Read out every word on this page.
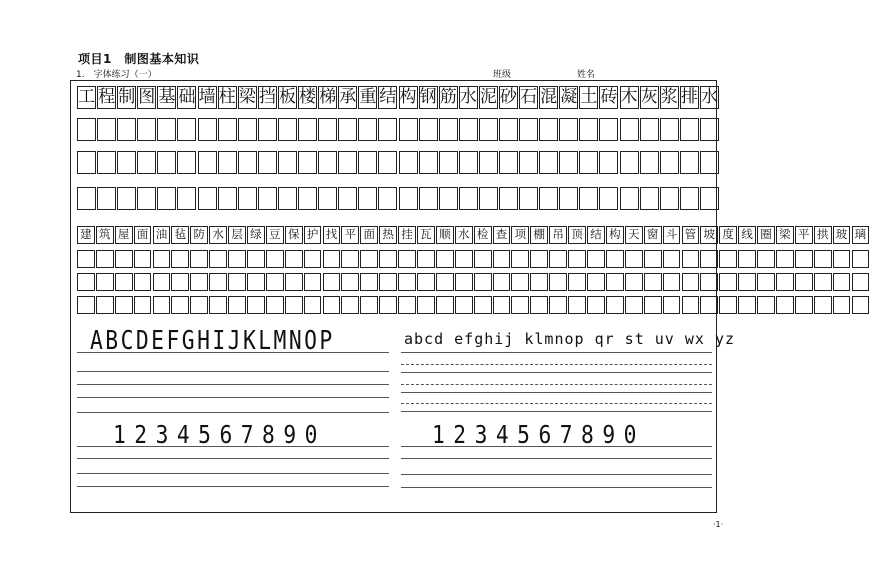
项目1　制图基本知识
1.　字体练习（一）	班级	姓名
工 程 制 图 基 础 墙 柱 梁 挡 板 楼 梯 承 重 结 构 钢 筋 水 泥 砂 石 混 凝 土 砖 木 灰 浆 排 水
建 筑 屋 面 油 毡 防 水 层 绿 豆 保 护 找 平 面 热 挂 瓦 顺 水 检 查 项 棚 吊 顶 结 构 天 窗 斗 管 坡 度 线 圈 梁 平 拱 玻 璃
ABCDEFGHIJKLMNOP	abcd efghij klmnop qr st uv wx yz
1234567890	1234567890
·1·
